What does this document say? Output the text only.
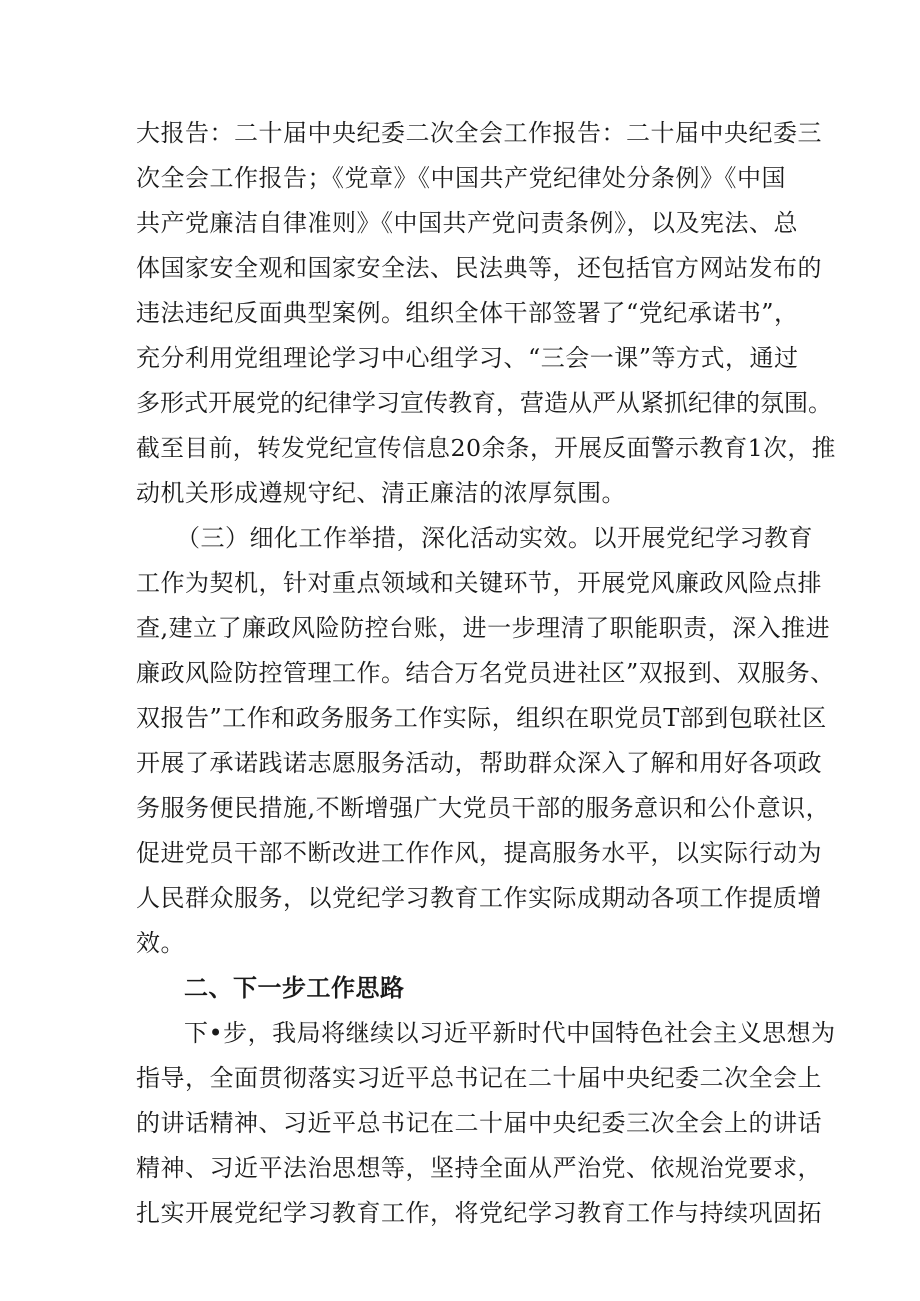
大报告：二十届中央纪委二次全会工作报告：二十届中央纪委三
次全会工作报告；《党章》《中国共产党纪律处分条例》《中国
共产党廉洁自律准则》《中国共产党问责条例》，以及宪法、总
体国家安全观和国家安全法、民法典等，还包括官方网站发布的
违法违纪反面典型案例。组织全体干部签署了“党纪承诺书”，
充分利用党组理论学习中心组学习、“三会一课”等方式，通过
多形式开展党的纪律学习宣传教育，营造从严从紧抓纪律的氛围。
截至目前，转发党纪宣传信息20余条，开展反面警示教育1次，推
动机关形成遵规守纪、清正廉洁的浓厚氛围。
（三）细化工作举措，深化活动实效。以开展党纪学习教育
工作为契机，针对重点领域和关键环节，开展党风廉政风险点排
查,建立了廉政风险防控台账，进一步理清了职能职责，深入推进
廉政风险防控管理工作。结合万名党员进社区”双报到、双服务、
双报告”工作和政务服务工作实际，组织在职党员T部到包联社区
开展了承诺践诺志愿服务活动，帮助群众深入了解和用好各项政
务服务便民措施,不断增强广大党员干部的服务意识和公仆意识，
促进党员干部不断改进工作作风，提高服务水平，以实际行动为
人民群众服务，以党纪学习教育工作实际成期动各项工作提质增
效。
二、下一步工作思路
下•步，我局将继续以习近平新时代中国特色社会主义思想为
指导，全面贯彻落实习近平总书记在二十届中央纪委二次全会上
的讲话精神、习近平总书记在二十届中央纪委三次全会上的讲话
精神、习近平法治思想等，坚持全面从严治党、依规治党要求，
扎实开展党纪学习教育工作，将党纪学习教育工作与持续巩固拓
